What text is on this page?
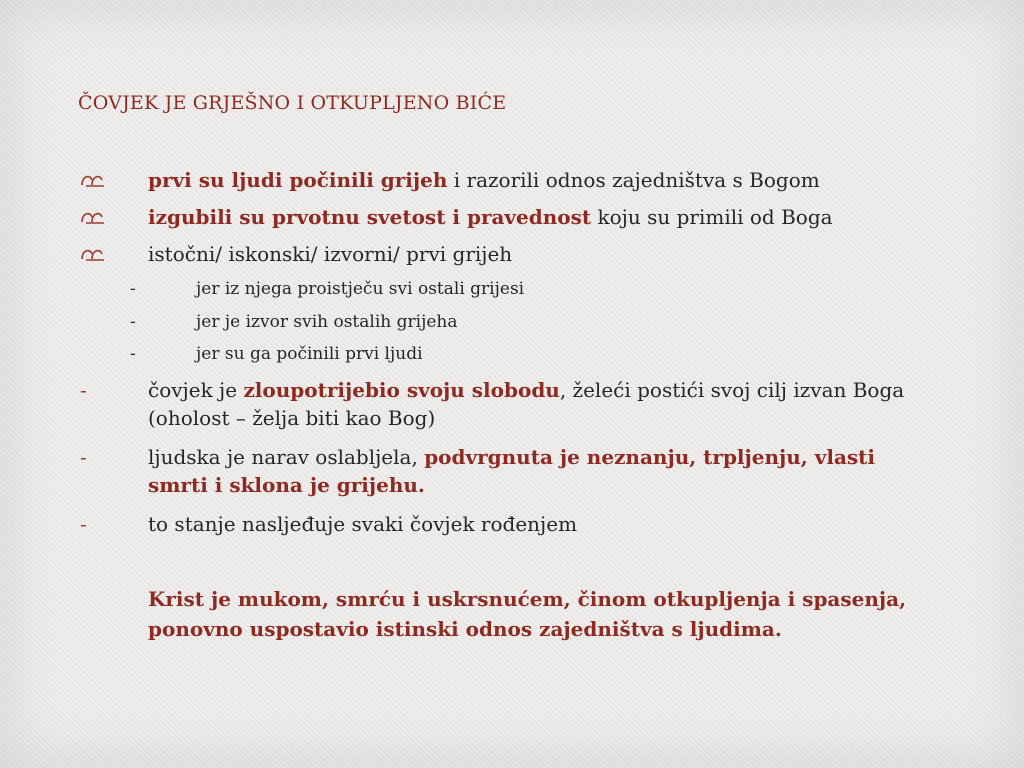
ČOVJEK JE GRJEŠNO I OTKUPLJENO BIĆE
prvi su ljudi počinili grijeh i razorili odnos zajedništva s Bogom
izgubili su prvotnu svetost i pravednost koju su primili od Boga
istočni/ iskonski/ izvorni/ prvi grijeh
-	jer iz njega proistječu svi ostali grijesi
-	jer je izvor svih ostalih grijeha
-	jer su ga počinili prvi ljudi
-	čovjek je zloupotrijebio svoju slobodu, želeći postići svoj cilj izvan Boga (oholost – želja biti kao Bog)
-	ljudska je narav oslabljela, podvrgnuta je neznanju, trpljenju, vlasti smrti i sklona je grijehu.
-	to stanje nasljeđuje svaki čovjek rođenjem
Krist je mukom, smrću i uskrsnućem, činom otkupljenja i spasenja, ponovno uspostavio istinski odnos zajedništva s ljudima.
